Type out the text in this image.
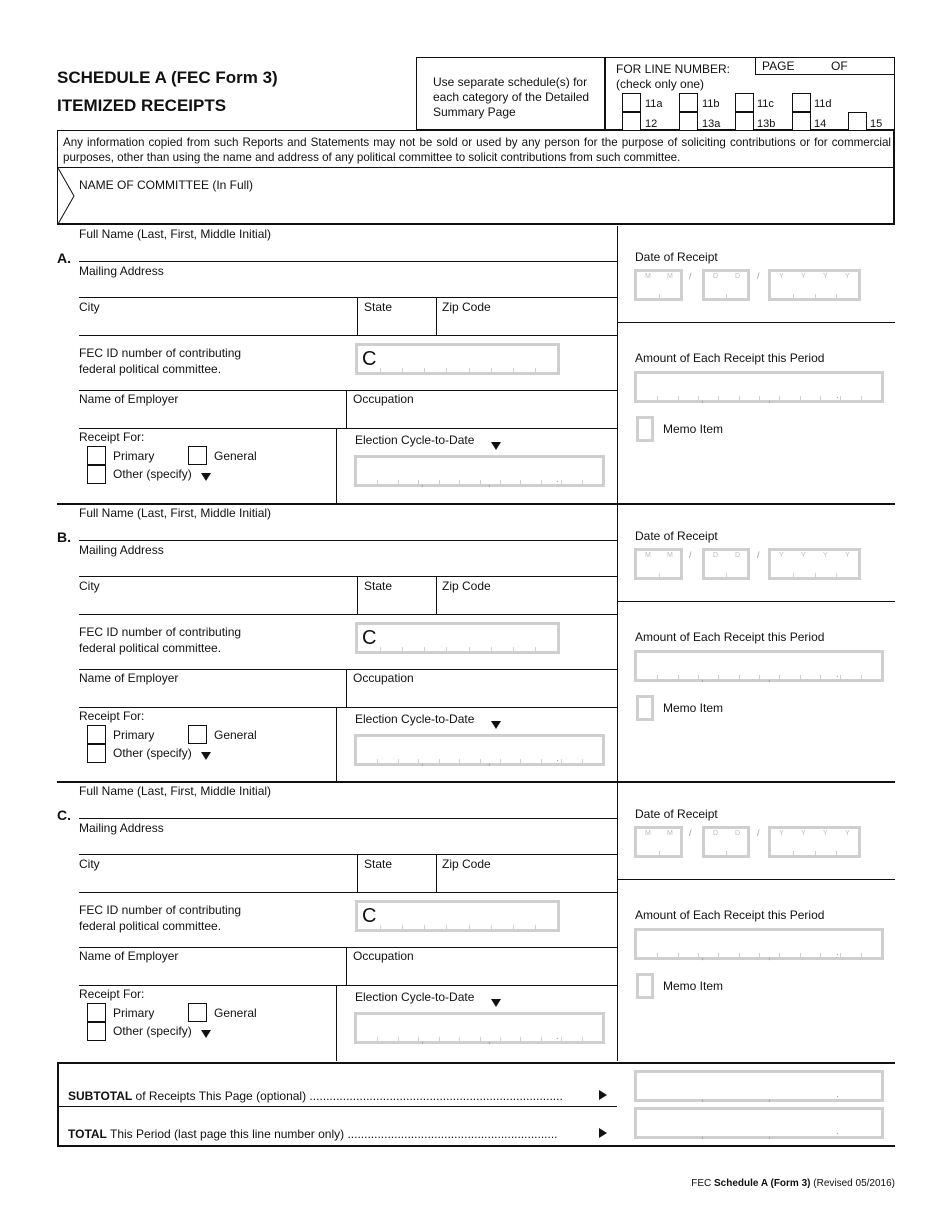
SCHEDULE A (FEC Form 3)
ITEMIZED RECEIPTS
Use separate schedule(s) for each category of the Detailed Summary Page
FOR LINE NUMBER:
(check only one)
PAGE	OF
11a	11b	11c	11d
12	13a	13b	14	15
Any information copied from such Reports and Statements may not be sold or used by any person for the purpose of soliciting contributions or for commercial purposes, other than using the name and address of any political committee to solicit contributions from such committee.
NAME OF COMMITTEE (In Full)
A.
Full Name (Last, First, Middle Initial)
Mailing Address
City	State	Zip Code
FEC ID number of contributing
federal political committee.	C
Name of Employer	Occupation
Receipt For:
Primary	General
Other (specify)
Election Cycle-to-Date
,	,	.
Date of Receipt
M M /	D D /	Y Y Y Y
Amount of Each Receipt this Period
,	,	.
Memo Item
B.
Full Name (Last, First, Middle Initial)
Mailing Address
City	State	Zip Code
FEC ID number of contributing
federal political committee.	C
Name of Employer	Occupation
Receipt For:
Primary	General
Other (specify)
Election Cycle-to-Date
,	,	.
Date of Receipt
M M /	D D /	Y Y Y Y
Amount of Each Receipt this Period
,	,	.
Memo Item
C.
Full Name (Last, First, Middle Initial)
Mailing Address
City	State	Zip Code
FEC ID number of contributing
federal political committee.	C
Name of Employer	Occupation
Receipt For:
Primary	General
Other (specify)
Election Cycle-to-Date
,	,	.
Date of Receipt
M M /	D D /	Y Y Y Y
Amount of Each Receipt this Period
,	,	.
Memo Item
SUBTOTAL of Receipts This Page (optional) ............................................................................
TOTAL This Period (last page this line number only) ...............................................................
,	,	.
,	,	.
FEC Schedule A (Form 3) (Revised 05/2016)
